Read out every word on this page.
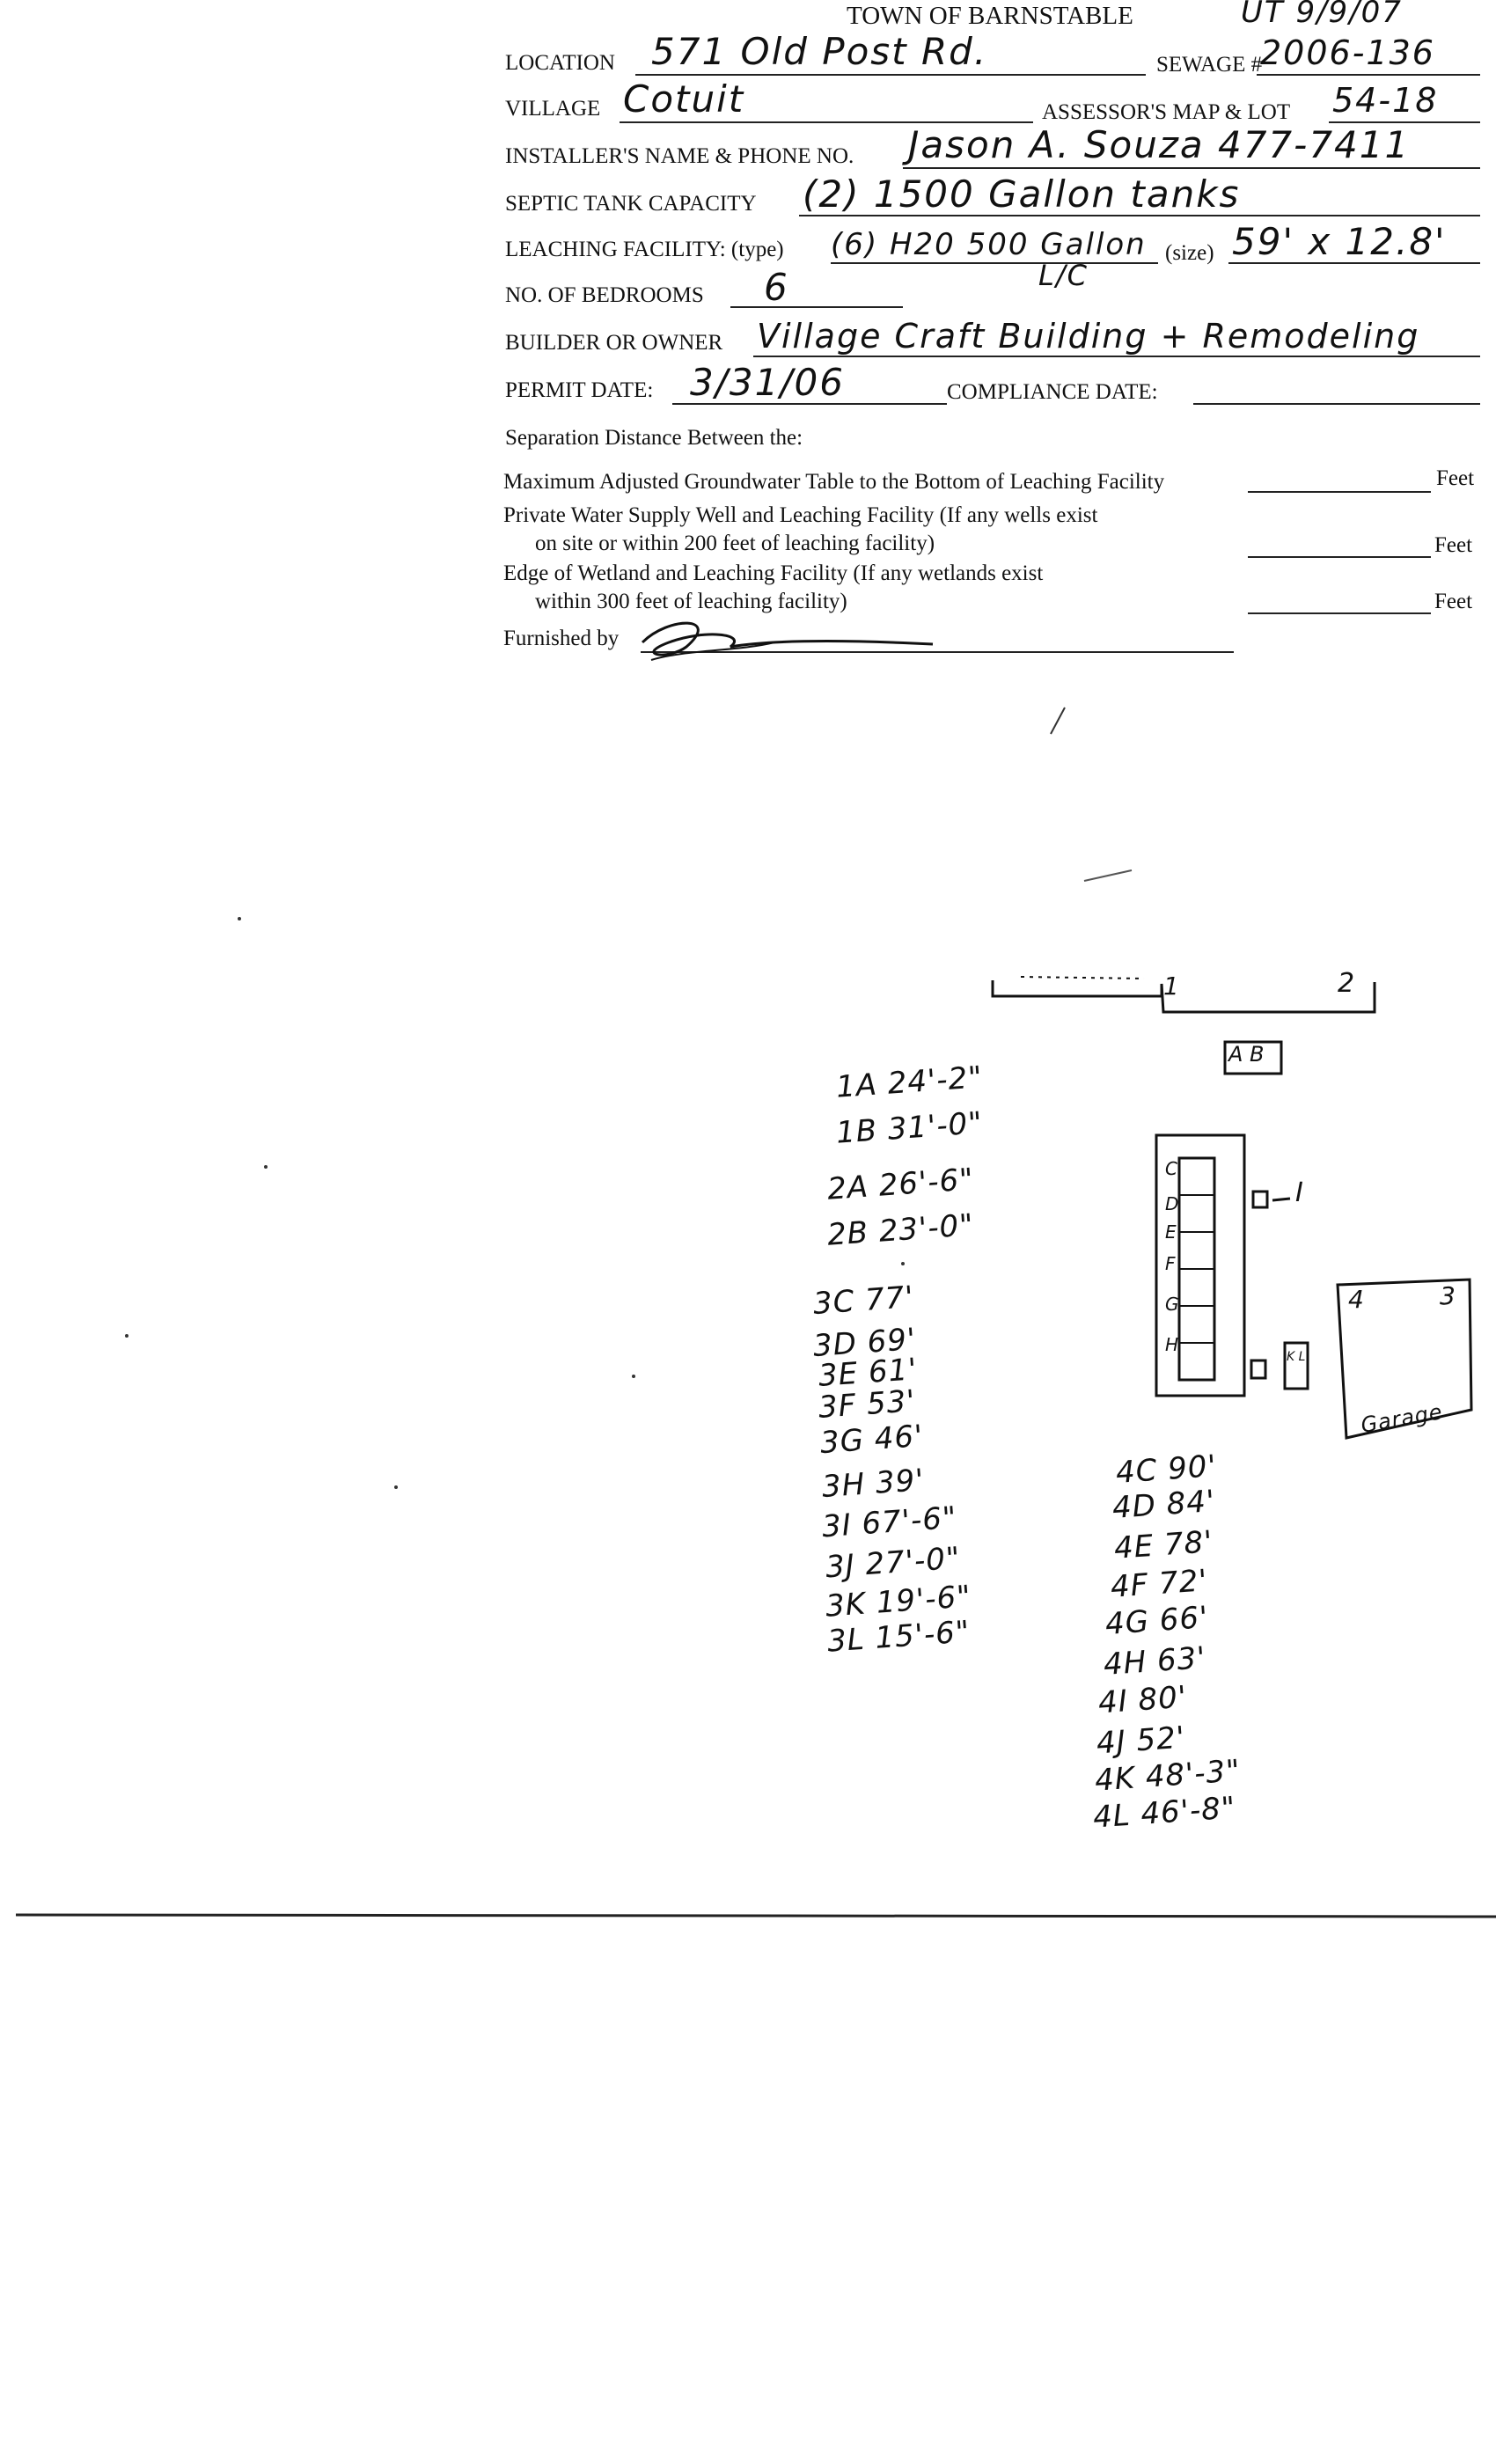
TOWN OF BARNSTABLE	UT 9/9/07
LOCATION 571 Old Post Rd.	SEWAGE #
2006-136
VILLAGE Cotuit	ASSESSOR'S MAP & LOT 54-18
INSTALLER'S NAME & PHONE NO. Jason A. Souza 477-7411
SEPTIC TANK CAPACITY (2) 1500 Gallon tanks
LEACHING FACILITY: (type) (6) H20 500 Gallon (size) 59' x 12.8'
L/C
NO. OF BEDROOMS 6
BUILDER OR OWNER Village Craft Building + Remodeling
PERMIT DATE: 3/31/06	COMPLIANCE DATE:
Separation Distance Between the:
Maximum Adjusted Groundwater Table to the Bottom of Leaching Facility	Feet
Private Water Supply Well and Leaching Facility (If any wells exist
on site or within 200 feet of leaching facility)	Feet
Edge of Wetland and Leaching Facility (If any wetlands exist
within 300 feet of leaching facility)	Feet
Furnished by
1	2
A B
C
D
E
F
G
H
I
K L
4	3
Garage
1A 24'-2"
1B 31'-0"
2A 26'-6"
2B 23'-0"
3C 77'
3D 69'
3E 61'
3F 53'
3G 46'
3H 39'
3I 67'-6"
3J 27'-0"
3K 19'-6"
3L 15'-6"
4C 90'
4D 84'
4E 78'
4F 72'
4G 66'
4H 63'
4I 80'
4J 52'
4K 48'-3"
4L 46'-8"
